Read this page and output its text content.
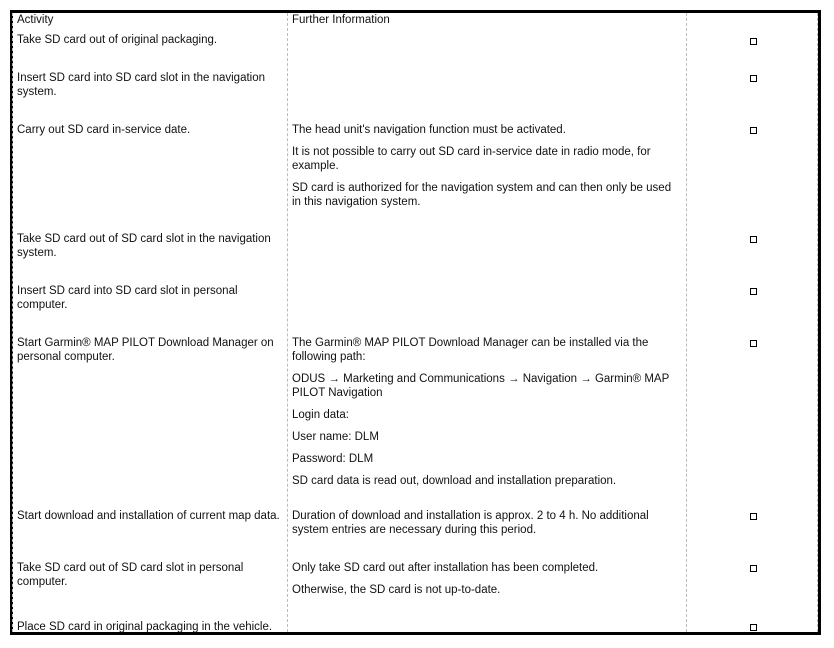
Activity	Further Information
Take SD card out of original packaging.
Insert SD card into SD card slot in the navigation system.
Carry out SD card in-service date.	The head unit's navigation function must be activated.

It is not possible to carry out SD card in-service date in radio mode, for example.

SD card is authorized for the navigation system and can then only be used in this navigation system.

Take SD card out of SD card slot in the navigation system.
Insert SD card into SD card slot in personal computer.
Start Garmin® MAP PILOT Download Manager on personal computer.

The Garmin® MAP PILOT Download Manager can be installed via the following path:

ODUS → Marketing and Communications → Navigation → Garmin® MAP PILOT Navigation

Login data:

User name: DLM

Password: DLM

SD card data is read out, download and installation preparation.

Start download and installation of current map data. Duration of download and installation is approx. 2 to 4 h. No additional system entries are necessary during this period.

Take SD card out of SD card slot in personal computer.

Only take SD card out after installation has been completed.

Otherwise, the SD card is not up-to-date.

Place SD card in original packaging in the vehicle.
